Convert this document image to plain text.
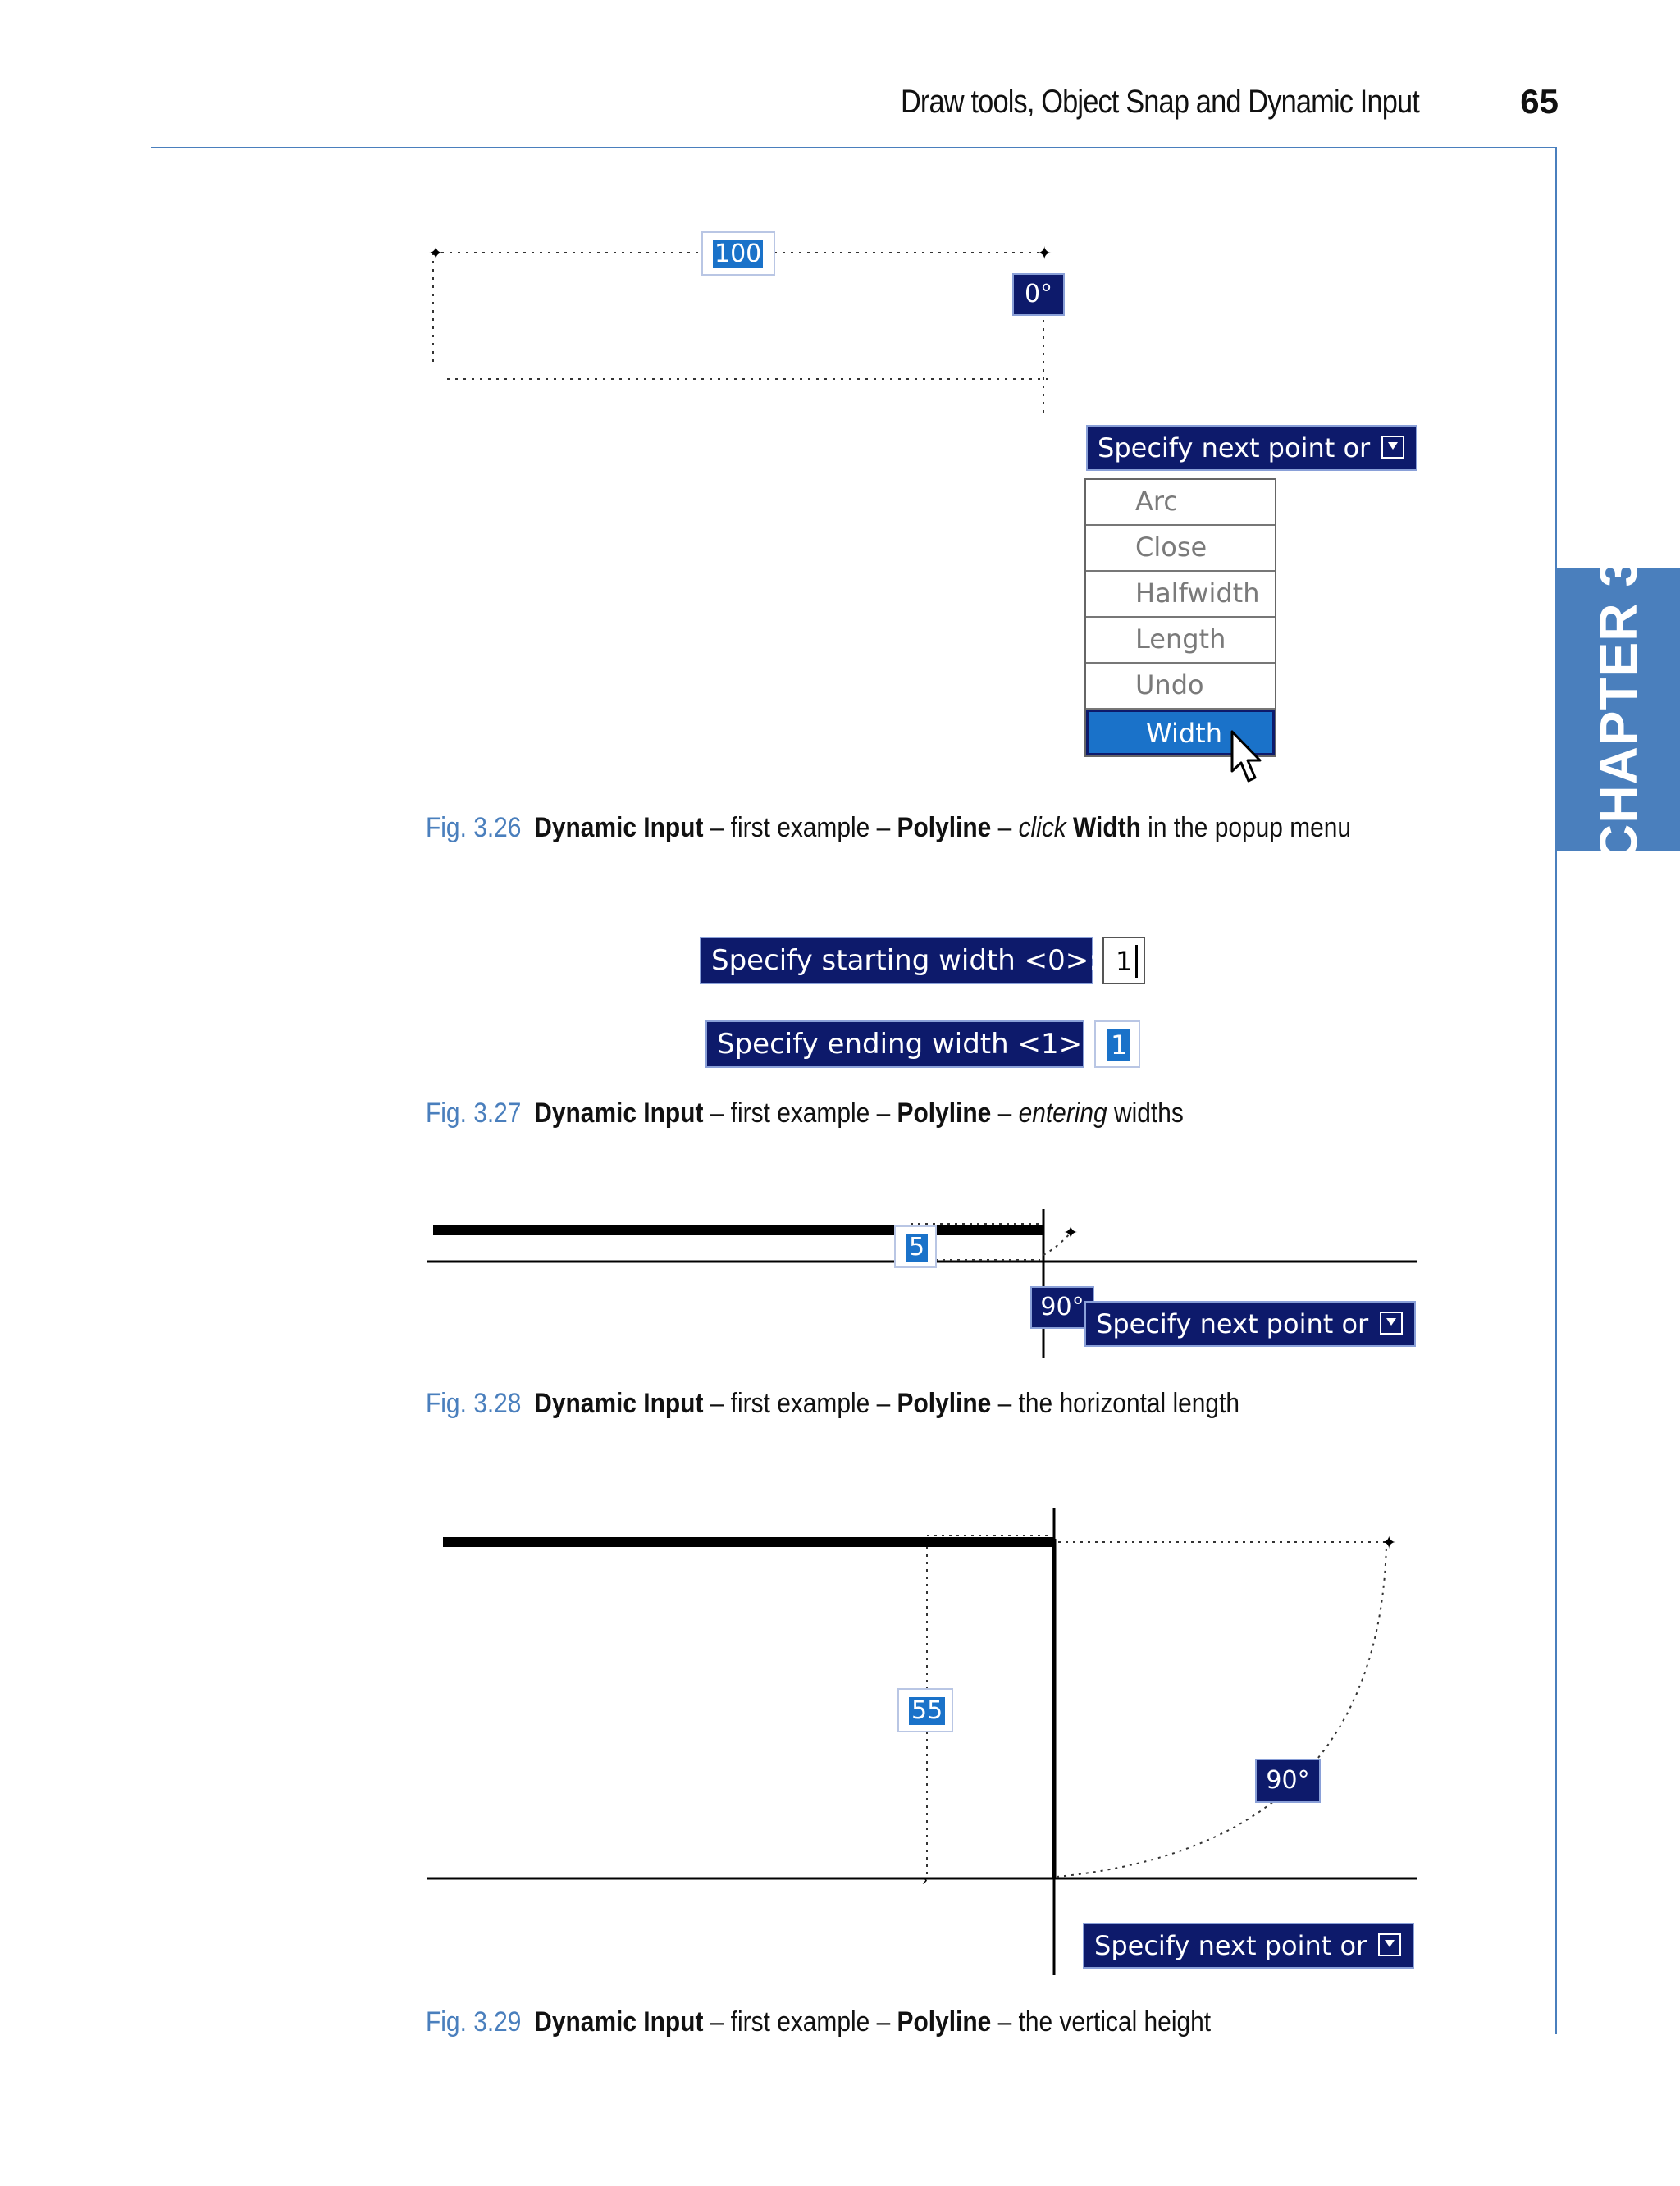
Draw tools, Object Snap and Dynamic Input	65
CHAPTER 3
✦	✦
100
0°
Specify next point or
Arc
Close
Halfwidth
Length
Undo
Width
Fig. 3.26 Dynamic Input – first example – Polyline – click Width in the popup menu
Specify starting width <0>: 1
Specify ending width <1>: 1
Fig. 3.27 Dynamic Input – first example – Polyline – entering widths
✦
5
90°
Specify next point or
Fig. 3.28 Dynamic Input – first example – Polyline – the horizontal length
✦
›
55
90°
Specify next point or
Fig. 3.29 Dynamic Input – first example – Polyline – the vertical height
